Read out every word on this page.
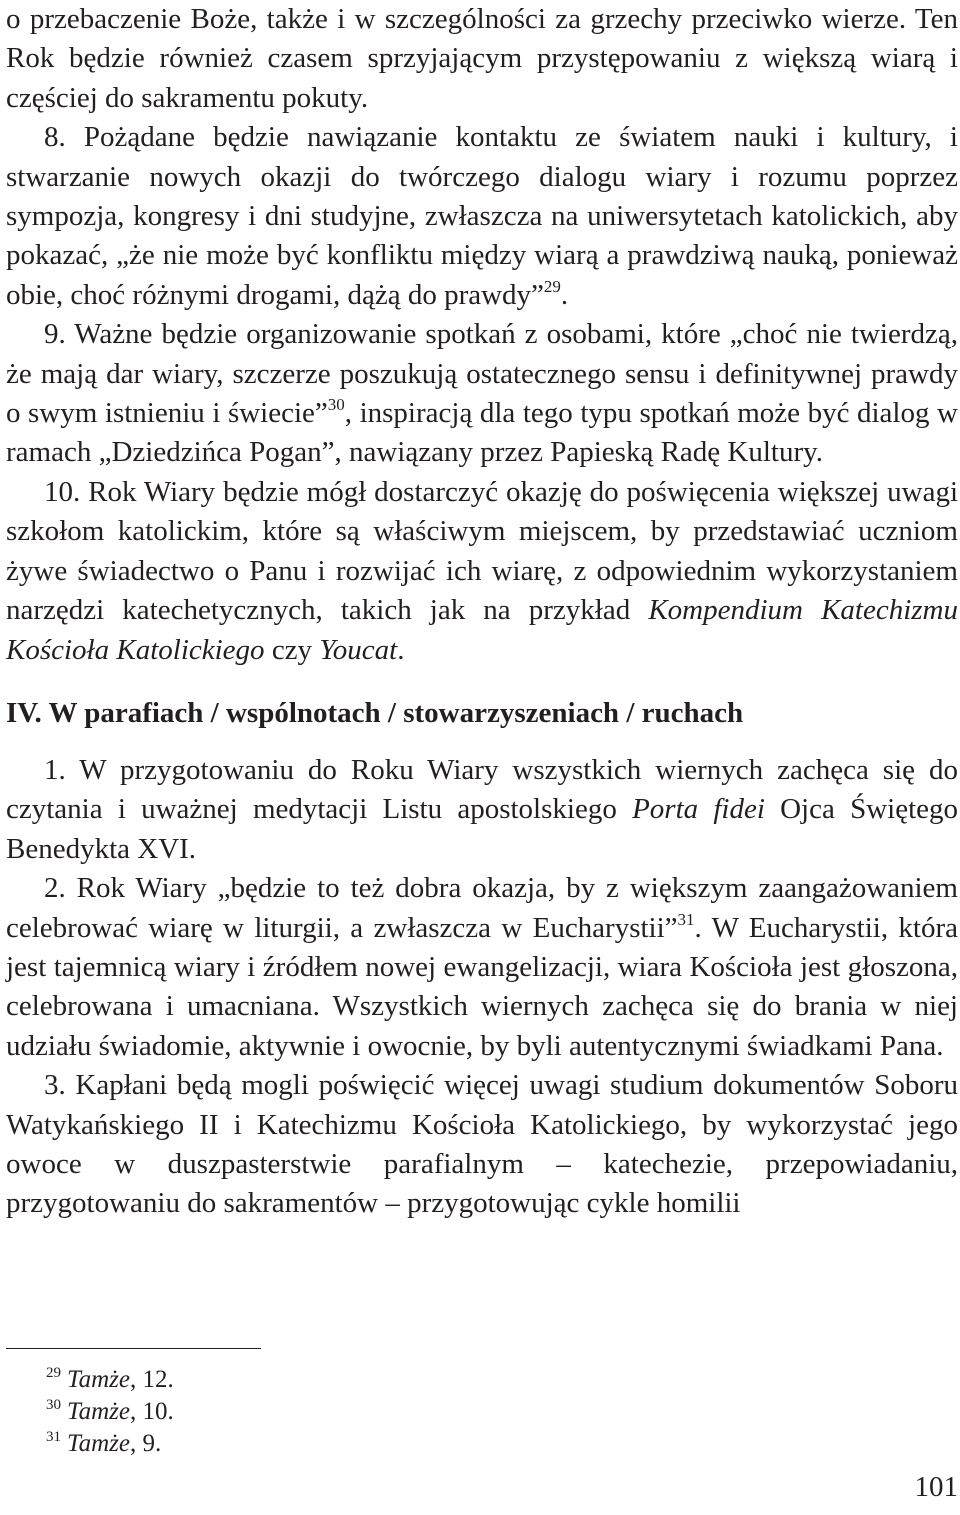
o przebaczenie Boże, także i w szczególności za grzechy przeciwko wierze. Ten Rok będzie również czasem sprzyjającym przystępowaniu z większą wiarą i częściej do sakramentu pokuty.

8. Pożądane będzie nawiązanie kontaktu ze światem nauki i kultury, i stwarzanie nowych okazji do twórczego dialogu wiary i rozumu poprzez sympozja, kongresy i dni studyjne, zwłaszcza na uniwersytetach katolickich, aby pokazać, „że nie może być konfliktu między wiarą a prawdziwą nauką, ponieważ obie, choć różnymi drogami, dążą do prawdy”$^{29}$.

9. Ważne będzie organizowanie spotkań z osobami, które „choć nie twierdzą, że mają dar wiary, szczerze poszukują ostatecznego sensu i definitywnej prawdy o swym istnieniu i świecie”$^{30}$, inspiracją dla tego typu spotkań może być dialog w ramach „Dziedzińca Pogan”, nawiązany przez Papieską Radę Kultury.

10. Rok Wiary będzie mógł dostarczyć okazję do poświęcenia większej uwagi szkołom katolickim, które są właściwym miejscem, by przedstawiać uczniom żywe świadectwo o Panu i rozwijać ich wiarę, z odpowiednim wykorzystaniem narzędzi katechetycznych, takich jak na przykład Kompendium Katechizmu Kościoła Katolickiego czy Youcat.

IV. W parafiach / wspólnotach / stowarzyszeniach / ruchach

1. W przygotowaniu do Roku Wiary wszystkich wiernych zachęca się do czytania i uważnej medytacji Listu apostolskiego Porta fidei Ojca Świętego Benedykta XVI.

2. Rok Wiary „będzie to też dobra okazja, by z większym zaangażowaniem celebrować wiarę w liturgii, a zwłaszcza w Eucharystii”$^{31}$. W Eucharystii, która jest tajemnicą wiary i źródłem nowej ewangelizacji, wiara Kościoła jest głoszona, celebrowana i umacniana. Wszystkich wiernych zachęca się do brania w niej udziału świadomie, aktywnie i owocnie, by byli autentycznymi świadkami Pana.

3. Kapłani będą mogli poświęcić więcej uwagi studium dokumentów Soboru Watykańskiego II i Katechizmu Kościoła Katolickiego, by wykorzystać jego owoce w duszpasterstwie parafialnym – katechezie, przepowiadaniu, przygotowaniu do sakramentów – przygotowując cykle homilii

$^{29}$ Tamże, 12.
$^{30}$ Tamże, 10.
$^{31}$ Tamże, 9.
101
